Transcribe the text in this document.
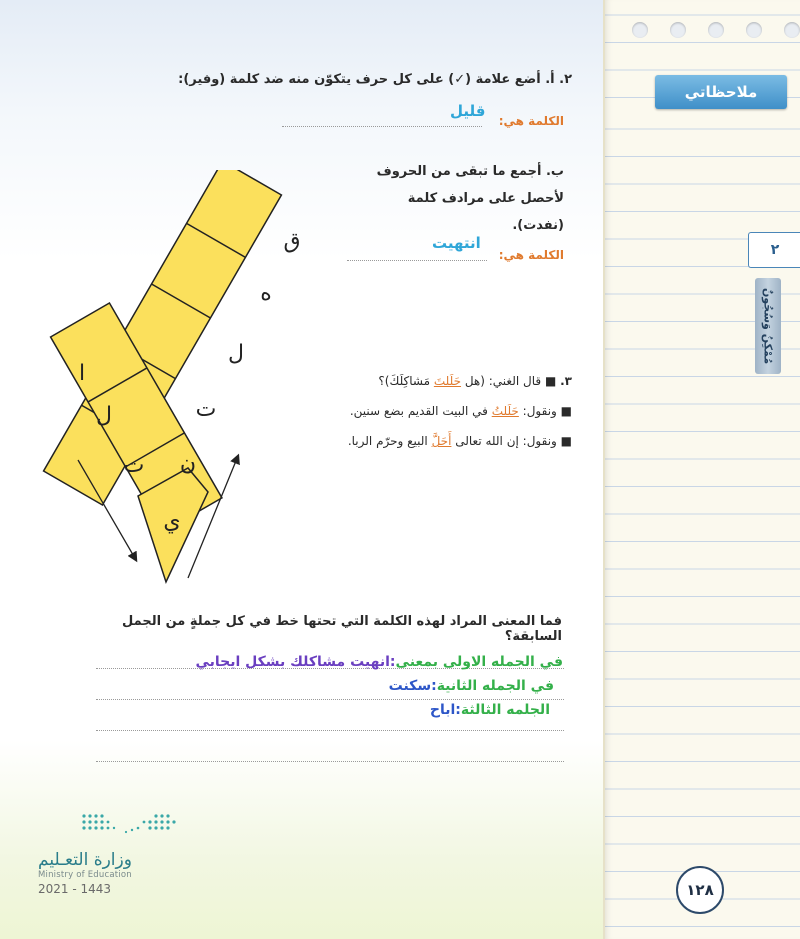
ملاحظاتي
٢
مُمْكِنُ وَسُجُونٌ
١٢٨
٢. أ. أضع علامة (✓) على كل حرف يتكوّن منه ضد كلمة (وفير):
الكلمة هي:
قليل
ب. أجمع ما تبقى من الحروف
لأحصل على مرادف كلمة
(نفدت).
الكلمة هي:
انتهيت
ق
ه
ل
ت
ن
ي
ت
ل
ا	٣. ■ قال الغني: (هل حَلَلتَ مَشاكِلَكَ)؟
■ ونقول: حَلَلتُ في البيت القديم بضع سنين.
■ ونقول: إن الله تعالى أَحَلَّ البيع وحرّم الربا.
فما المعنى المراد لهذه الكلمة التي تحتها خط في كل جملةٍ من الجمل السابقة؟
في الجمله الاولى بمعنى:انهيت مشاكلك بشكل ايجابي
في الجمله الثانية:سكنت
الجلمه الثالثة:اباح
وزارة التعـليم
Ministry of Education
2021 - 1443
